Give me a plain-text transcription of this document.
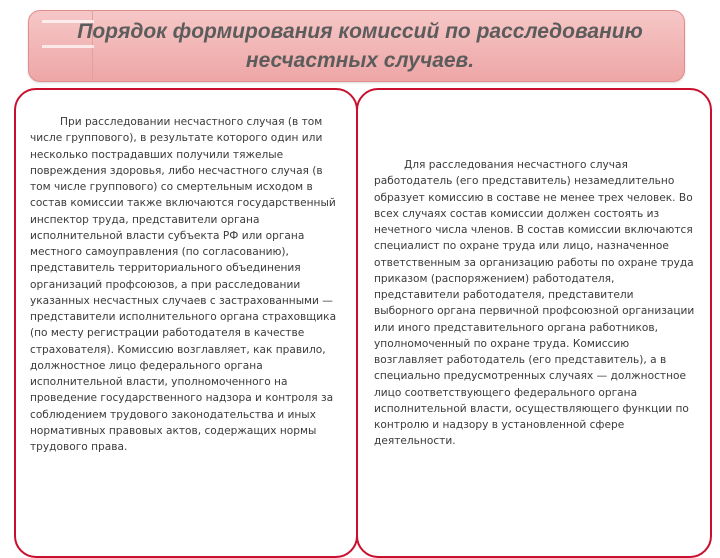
Порядок формирования комиссий по расследованию несчастных случаев.

При расследовании несчастного случая (в том числе группового), в результате которого один или несколько пострадавших получили тяжелые повреждения здоровья, либо несчастного случая (в том числе группового) со смертельным исходом в состав комиссии также включаются государственный инспектор труда, представители органа исполнительной власти субъекта РФ или органа местного самоуправления (по согласованию), представитель территориального объединения организаций профсоюзов, а при расследовании указанных несчастных случаев с застрахованными — представители исполнительного органа страховщика (по месту регистрации работодателя в качестве страхователя). Комиссию возглавляет, как правило, должностное лицо федерального органа исполнительной власти, уполномоченного на проведение государственного надзора и контроля за соблюдением трудового законодательства и иных нормативных правовых актов, содержащих нормы трудового права.

Для расследования несчастного случая работодатель (его представитель) незамедлительно образует комиссию в составе не менее трех человек. Во всех случаях состав комиссии должен состоять из нечетного числа членов. В состав комиссии включаются специалист по охране труда или лицо, назначенное ответственным за организацию работы по охране труда приказом (распоряжением) работодателя, представители работодателя, представители выборного органа первичной профсоюзной организации или иного представительного органа работников, уполномоченный по охране труда. Комиссию возглавляет работодатель (его представитель), а в специально предусмотренных случаях — должностное лицо соответствующего федерального органа исполнительной власти, осуществляющего функции по контролю и надзору в установленной сфере деятельности.
